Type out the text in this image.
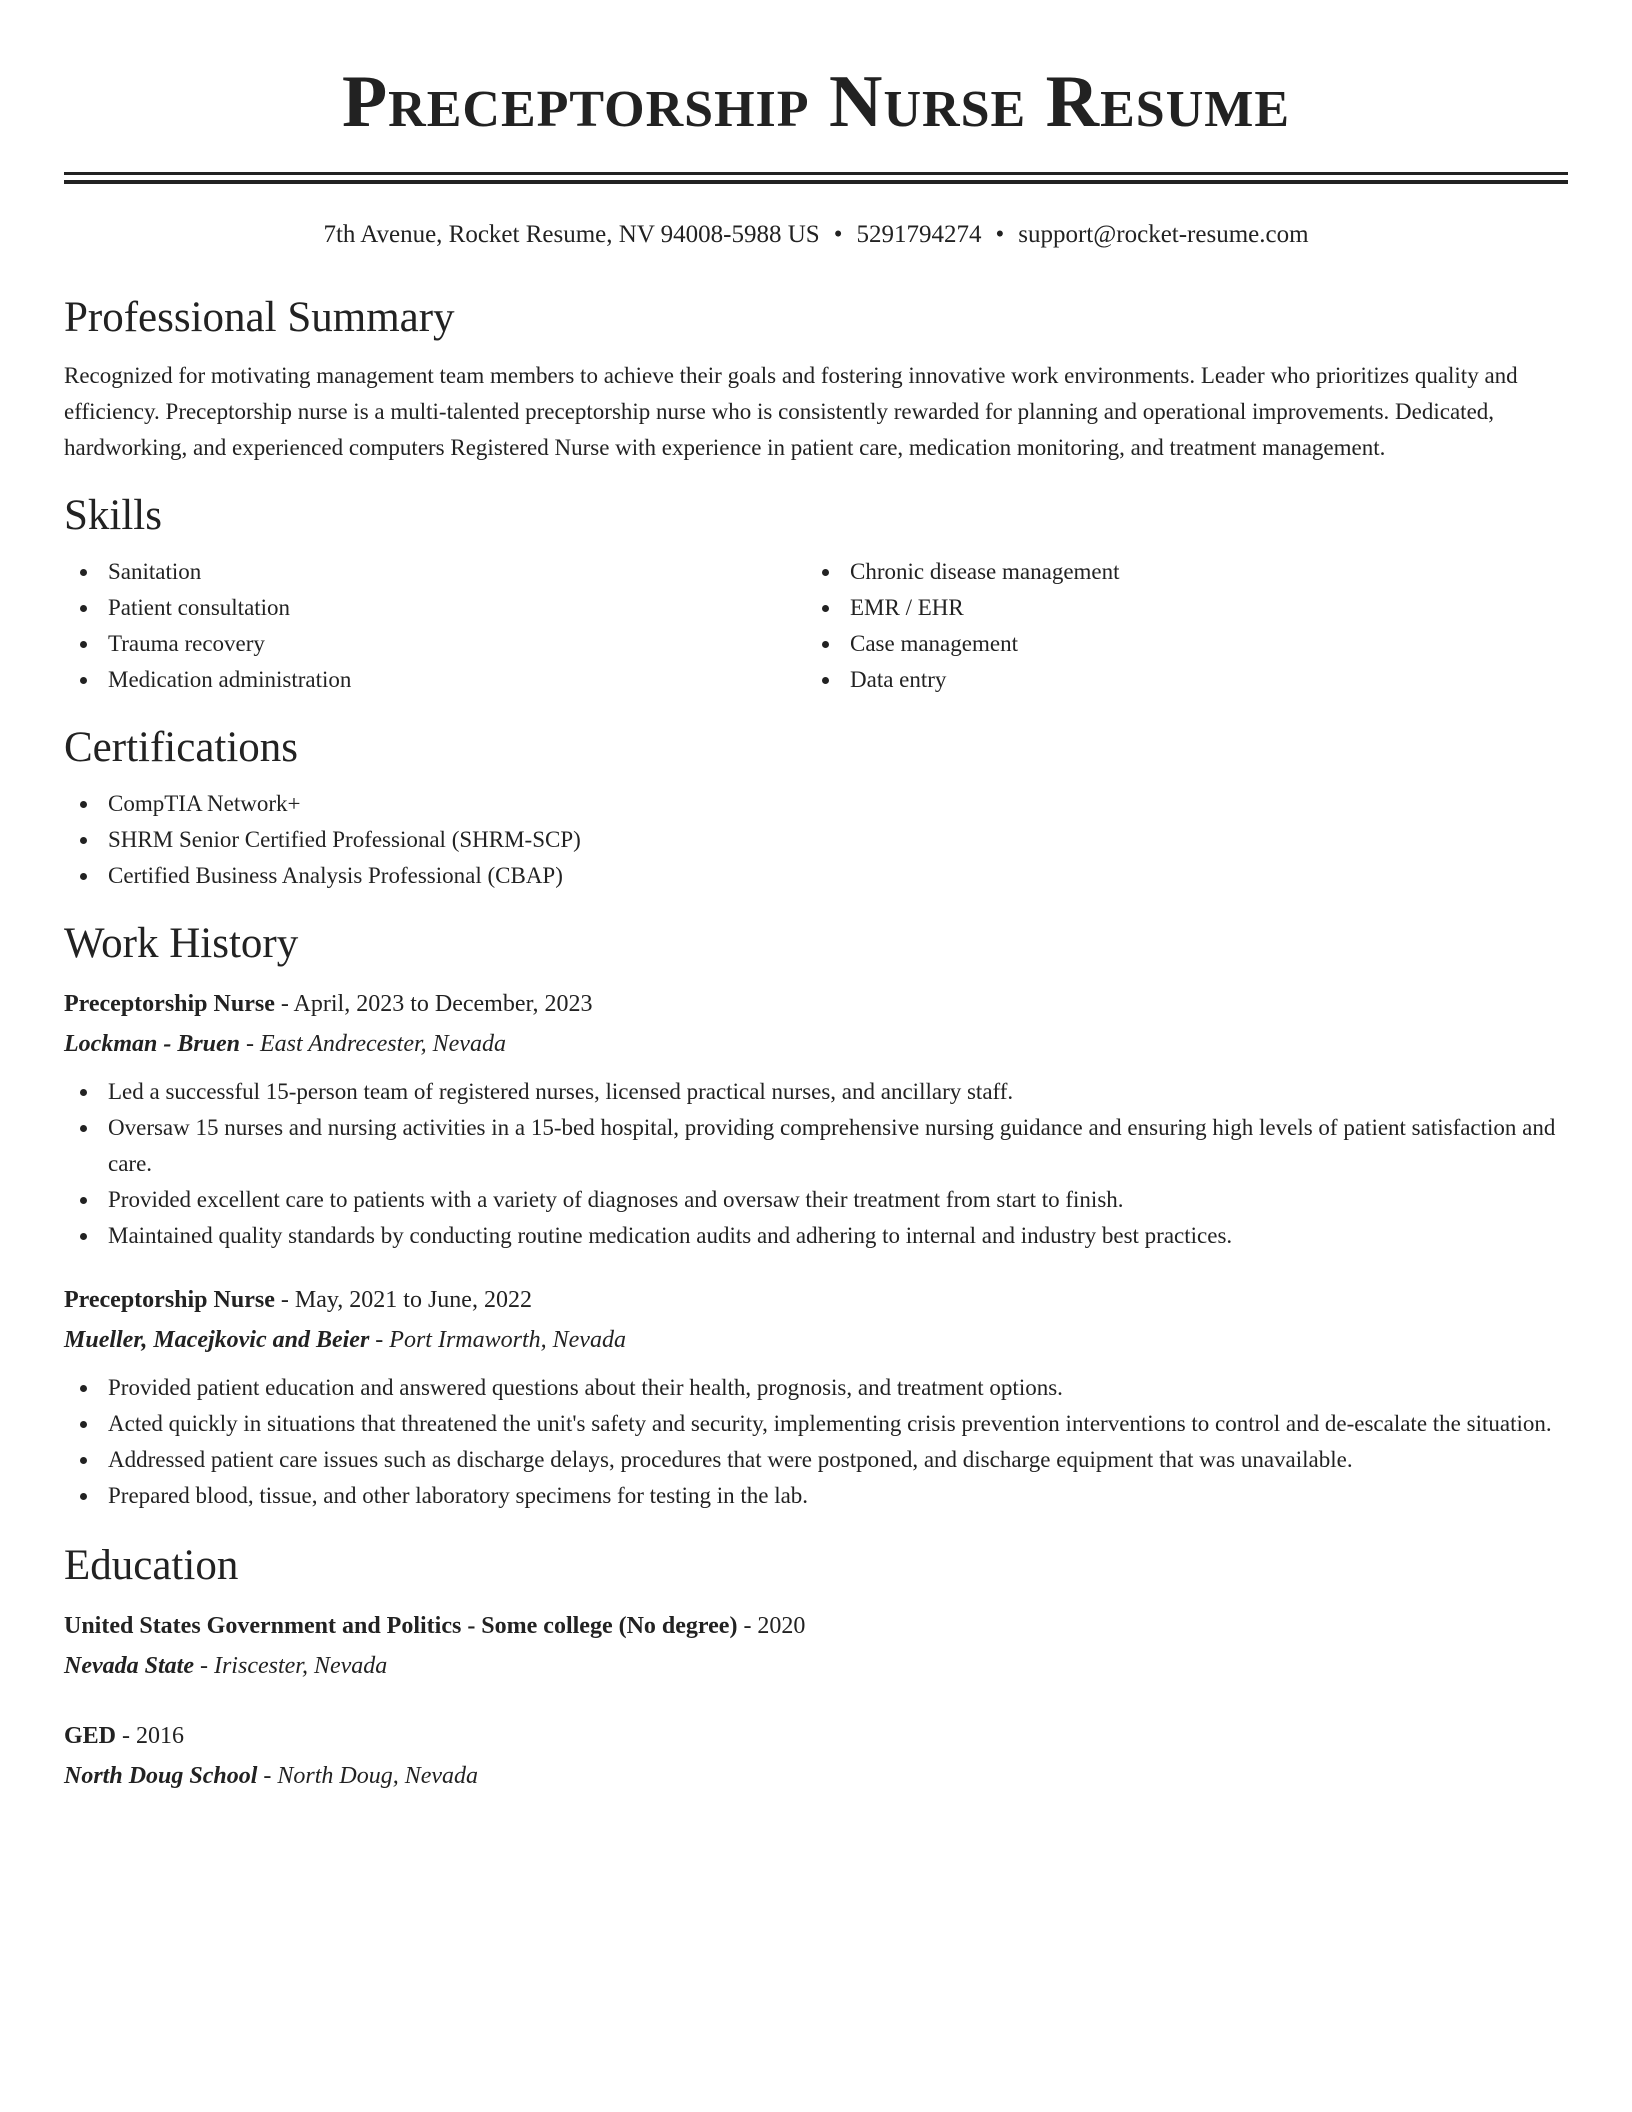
Preceptorship Nurse Resume
7th Avenue, Rocket Resume, NV 94008-5988 US • 5291794274 • support@rocket-resume.com
Professional Summary
Recognized for motivating management team members to achieve their goals and fostering innovative work environments. Leader who prioritizes quality and efficiency. Preceptorship nurse is a multi-talented preceptorship nurse who is consistently rewarded for planning and operational improvements. Dedicated, hardworking, and experienced computers Registered Nurse with experience in patient care, medication monitoring, and treatment management.
Skills
Sanitation
Patient consultation
Trauma recovery
Medication administration
Chronic disease management
EMR / EHR
Case management
Data entry
Certifications
CompTIA Network+
SHRM Senior Certified Professional (SHRM-SCP)
Certified Business Analysis Professional (CBAP)
Work History
Preceptorship Nurse - April, 2023 to December, 2023
Lockman - Bruen - East Andrecester, Nevada
Led a successful 15-person team of registered nurses, licensed practical nurses, and ancillary staff.
Oversaw 15 nurses and nursing activities in a 15-bed hospital, providing comprehensive nursing guidance and ensuring high levels of patient satisfaction and care.
Provided excellent care to patients with a variety of diagnoses and oversaw their treatment from start to finish.
Maintained quality standards by conducting routine medication audits and adhering to internal and industry best practices.
Preceptorship Nurse - May, 2021 to June, 2022
Mueller, Macejkovic and Beier - Port Irmaworth, Nevada
Provided patient education and answered questions about their health, prognosis, and treatment options.
Acted quickly in situations that threatened the unit's safety and security, implementing crisis prevention interventions to control and de-escalate the situation.
Addressed patient care issues such as discharge delays, procedures that were postponed, and discharge equipment that was unavailable.
Prepared blood, tissue, and other laboratory specimens for testing in the lab.
Education
United States Government and Politics - Some college (No degree) - 2020
Nevada State - Iriscester, Nevada
GED - 2016
North Doug School - North Doug, Nevada
